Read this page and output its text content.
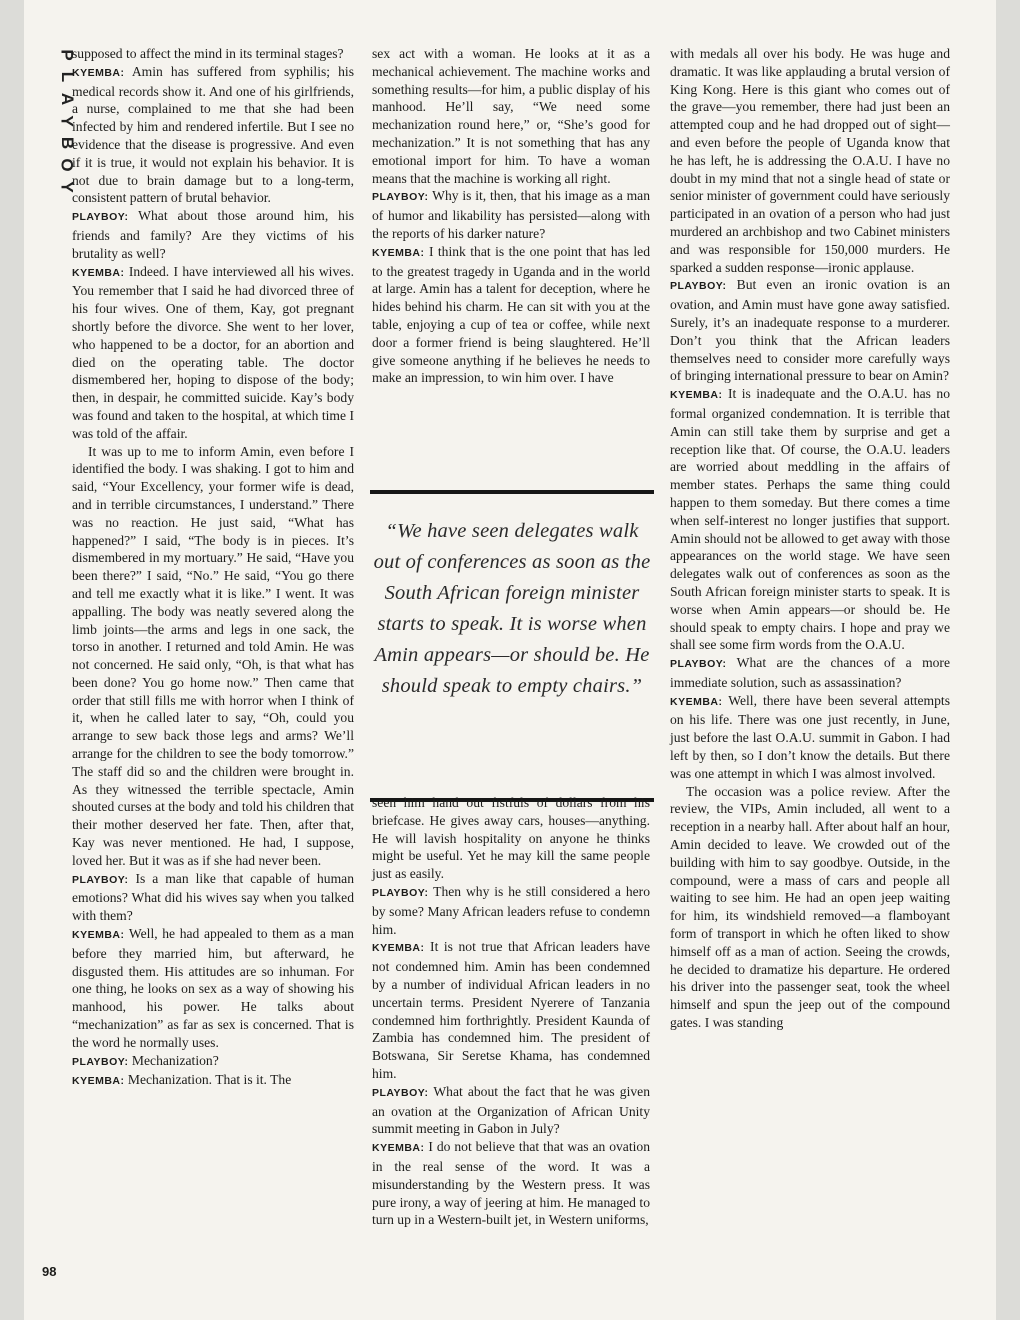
P
L
A
Y
B
O
Y

supposed to affect the mind in its terminal stages?

KYEMBA: Amin has suffered from syphilis; his medical records show it. And one of his girlfriends, a nurse, complained to me that she had been infected by him and rendered infertile. But I see no evidence that the disease is progressive. And even if it is true, it would not explain his behavior. It is not due to brain damage but to a long-term, consistent pattern of brutal behavior.

PLAYBOY: What about those around him, his friends and family? Are they victims of his brutality as well?

KYEMBA: Indeed. I have interviewed all his wives. You remember that I said he had divorced three of his four wives. One of them, Kay, got pregnant shortly before the divorce. She went to her lover, who happened to be a doctor, for an abortion and died on the operating table. The doctor dismembered her, hoping to dispose of the body; then, in despair, he committed suicide. Kay’s body was found and taken to the hospital, at which time I was told of the affair.

It was up to me to inform Amin, even before I identified the body. I was shaking. I got to him and said, “Your Excellency, your former wife is dead, and in terrible circumstances, I understand.” There was no reaction. He just said, “What has happened?” I said, “The body is in pieces. It’s dismembered in my mortuary.” He said, “Have you been there?” I said, “No.” He said, “You go there and tell me exactly what it is like.” I went. It was appalling. The body was neatly severed along the limb joints—the arms and legs in one sack, the torso in another. I returned and told Amin. He was not concerned. He said only, “Oh, is that what has been done? You go home now.” Then came that order that still fills me with horror when I think of it, when he called later to say, “Oh, could you arrange to sew back those legs and arms? We’ll arrange for the children to see the body tomorrow.” The staff did so and the children were brought in. As they witnessed the terrible spectacle, Amin shouted curses at the body and told his children that their mother deserved her fate. Then, after that, Kay was never mentioned. He had, I suppose, loved her. But it was as if she had never been.

PLAYBOY: Is a man like that capable of human emotions? What did his wives say when you talked with them?

KYEMBA: Well, he had appealed to them as a man before they married him, but afterward, he disgusted them. His attitudes are so inhuman. For one thing, he looks on sex as a way of showing his manhood, his power. He talks about “mechanization” as far as sex is concerned. That is the word he normally uses.

PLAYBOY: Mechanization?

KYEMBA: Mechanization. That is it. The

sex act with a woman. He looks at it as a mechanical achievement. The machine works and something results—for him, a public display of his manhood. He’ll say, “We need some mechanization round here,” or, “She’s good for mechanization.” It is not something that has any emotional import for him. To have a woman means that the machine is working all right.

PLAYBOY: Why is it, then, that his image as a man of humor and likability has persisted—along with the reports of his darker nature?

KYEMBA: I think that is the one point that has led to the greatest tragedy in Uganda and in the world at large. Amin has a talent for deception, where he hides behind his charm. He can sit with you at the table, enjoying a cup of tea or coffee, while next door a former friend is being slaughtered. He’ll give someone anything if he believes he needs to make an impression, to win him over. I have

“We have seen delegates walk out of conferences as soon as the South African foreign minister starts to speak. It is worse when Amin appears—or should be. He should speak to empty chairs.”

seen him hand out fistfuls of dollars from his briefcase. He gives away cars, houses—anything. He will lavish hospitality on anyone he thinks might be useful. Yet he may kill the same people just as easily.

PLAYBOY: Then why is he still considered a hero by some? Many African leaders refuse to condemn him.

KYEMBA: It is not true that African leaders have not condemned him. Amin has been condemned by a number of individual African leaders in no uncertain terms. President Nyerere of Tanzania condemned him forthrightly. President Kaunda of Zambia has condemned him. The president of Botswana, Sir Seretse Khama, has condemned him.

PLAYBOY: What about the fact that he was given an ovation at the Organization of African Unity summit meeting in Gabon in July?

KYEMBA: I do not believe that that was an ovation in the real sense of the word. It was a misunderstanding by the Western press. It was pure irony, a way of jeering at him. He managed to turn up in a Western-built jet, in Western uniforms,

with medals all over his body. He was huge and dramatic. It was like applauding a brutal version of King Kong. Here is this giant who comes out of the grave—you remember, there had just been an attempted coup and he had dropped out of sight—and even before the people of Uganda know that he has left, he is addressing the O.A.U. I have no doubt in my mind that not a single head of state or senior minister of government could have seriously participated in an ovation of a person who had just murdered an archbishop and two Cabinet ministers and was responsible for 150,000 murders. He sparked a sudden response—ironic applause.

PLAYBOY: But even an ironic ovation is an ovation, and Amin must have gone away satisfied. Surely, it’s an inadequate response to a murderer. Don’t you think that the African leaders themselves need to consider more carefully ways of bringing international pressure to bear on Amin?

KYEMBA: It is inadequate and the O.A.U. has no formal organized condemnation. It is terrible that Amin can still take them by surprise and get a reception like that. Of course, the O.A.U. leaders are worried about meddling in the affairs of member states. Perhaps the same thing could happen to them someday. But there comes a time when self-interest no longer justifies that support. Amin should not be allowed to get away with those appearances on the world stage. We have seen delegates walk out of conferences as soon as the South African foreign minister starts to speak. It is worse when Amin appears—or should be. He should speak to empty chairs. I hope and pray we shall see some firm words from the O.A.U.

PLAYBOY: What are the chances of a more immediate solution, such as assassination?

KYEMBA: Well, there have been several attempts on his life. There was one just recently, in June, just before the last O.A.U. summit in Gabon. I had left by then, so I don’t know the details. But there was one attempt in which I was almost involved.

The occasion was a police review. After the review, the VIPs, Amin included, all went to a reception in a nearby hall. After about half an hour, Amin decided to leave. We crowded out of the building with him to say goodbye. Outside, in the compound, were a mass of cars and people all waiting to see him. He had an open jeep waiting for him, its windshield removed—a flamboyant form of transport in which he often liked to show himself off as a man of action. Seeing the crowds, he decided to dramatize his departure. He ordered his driver into the passenger seat, took the wheel himself and spun the jeep out of the compound gates. I was standing

98
